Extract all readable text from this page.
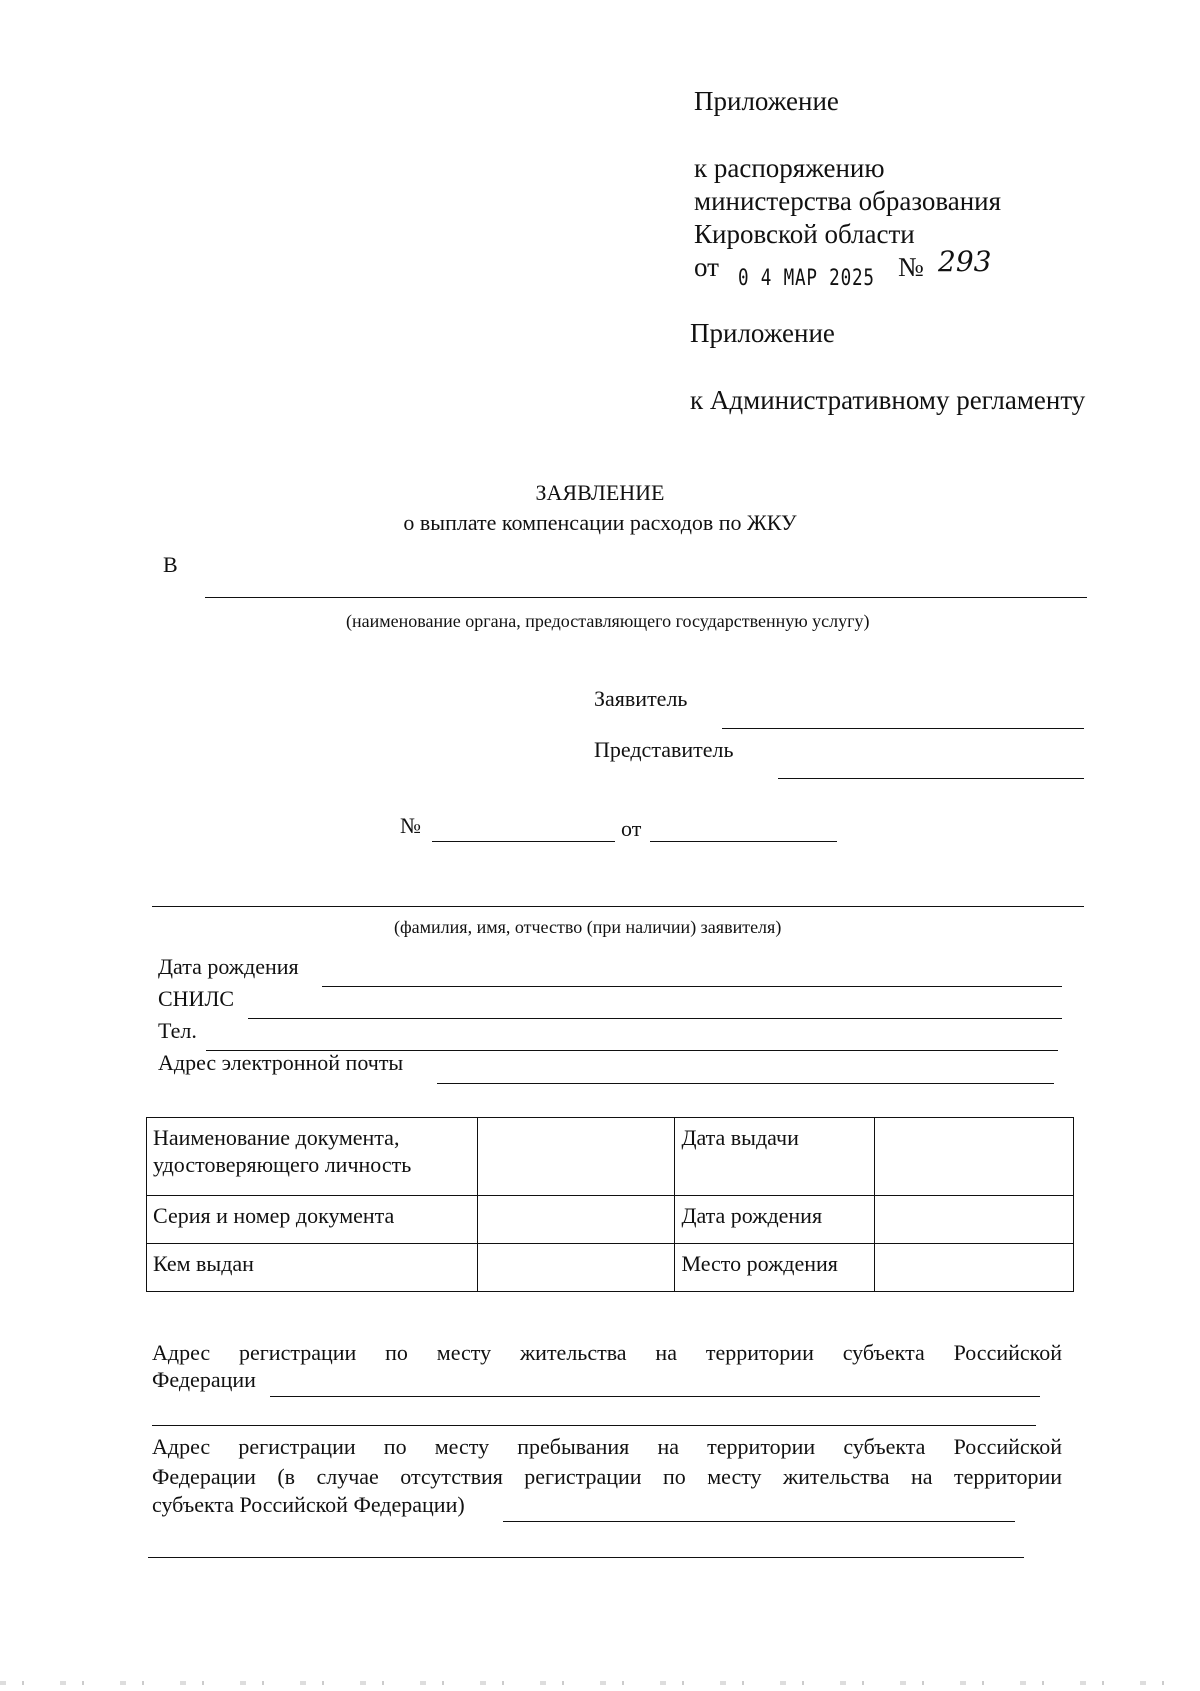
Приложение
к распоряжению
министерства образования
Кировской области
от 0 4 МАР 2025 № 293
Приложение
к Административному регламенту
ЗАЯВЛЕНИЕ
о выплате компенсации расходов по ЖКУ
В
(наименование органа, предоставляющего государственную услугу)
Заявитель
Представитель
№	от
(фамилия, имя, отчество (при наличии) заявителя)
Дата рождения
СНИЛС
Тел.
Адрес электронной почты
Наименование документа,
удостоверяющего личность		Дата выдачи	
Серия и номер документа		Дата рождения	
Кем выдан		Место рождения	
Адрес регистрации по месту жительства на территории субъекта Российской
Федерации
Адрес регистрации по месту пребывания на территории субъекта Российской
Федерации (в случае отсутствия регистрации по месту жительства на территории
субъекта Российской Федерации)
